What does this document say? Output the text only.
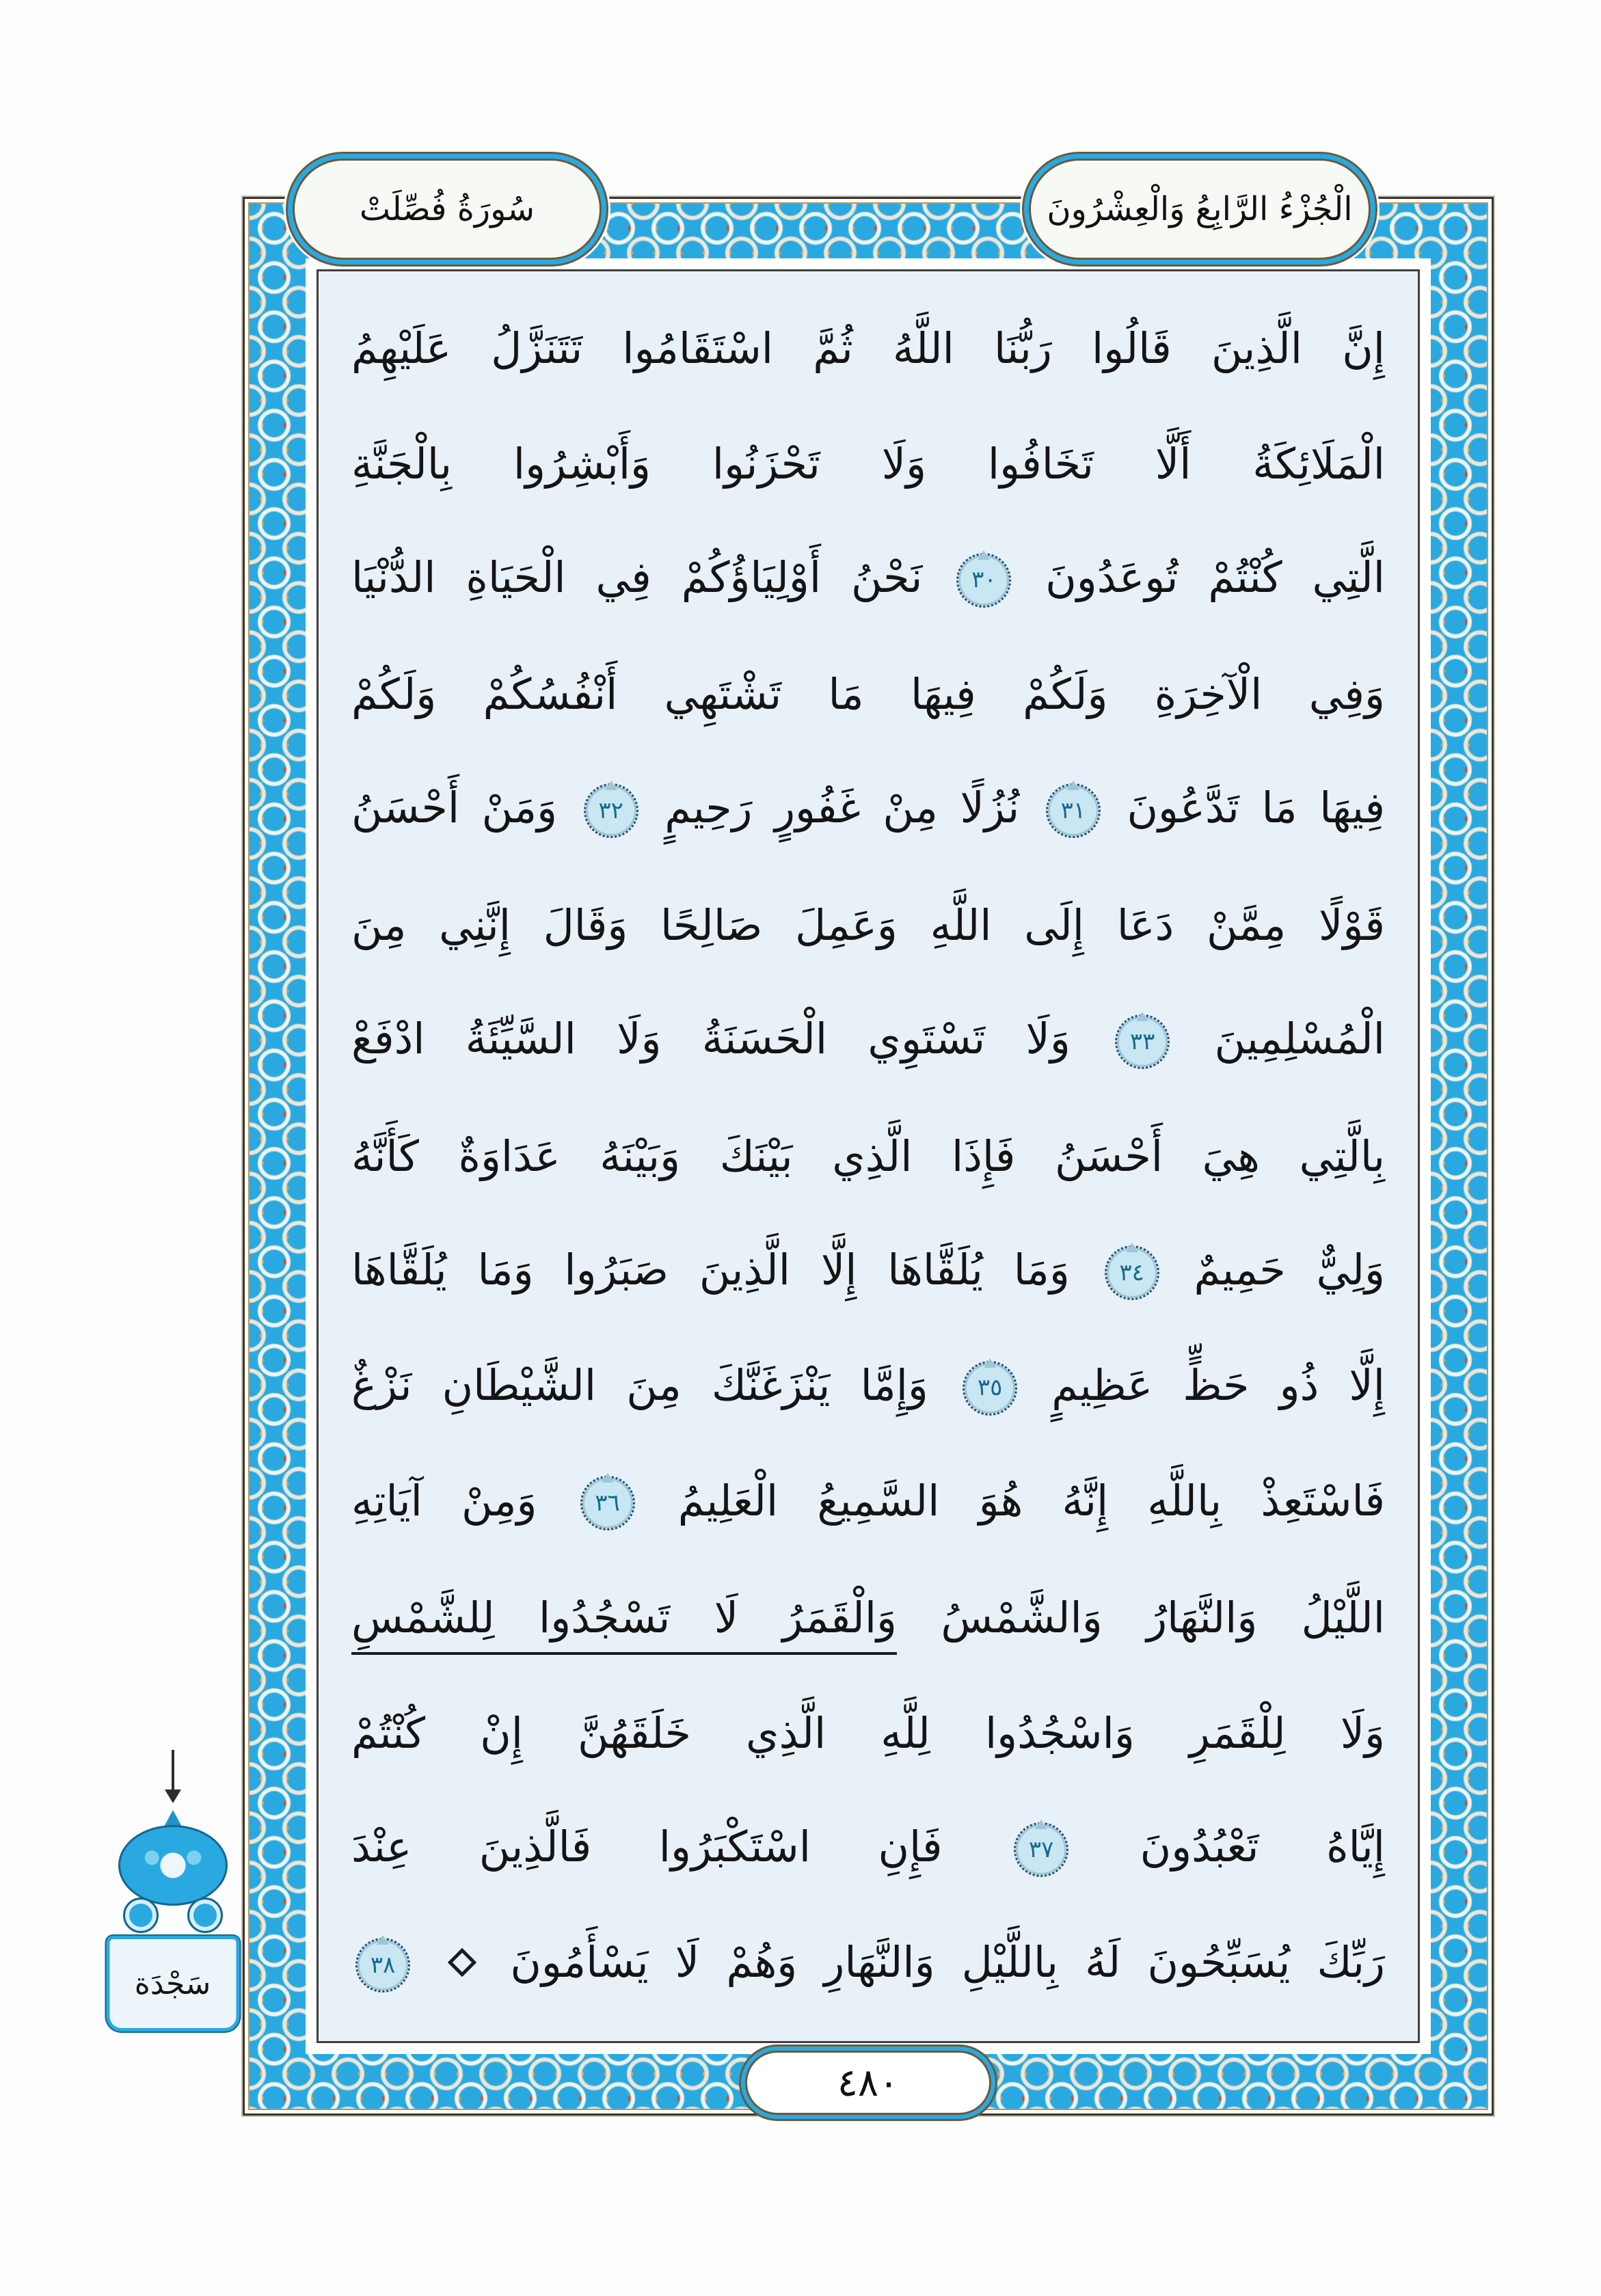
سُورَةُ فُصِّلَتْ	الْجُزْءُ الرَّابِعُ وَالْعِشْرُونَ
إِنَّ الَّذِينَ قَالُوا رَبُّنَا اللَّهُ ثُمَّ اسْتَقَامُوا تَتَنَزَّلُ عَلَيْهِمُ
الْمَلَائِكَةُ أَلَّا تَخَافُوا وَلَا تَحْزَنُوا وَأَبْشِرُوا بِالْجَنَّةِ
الَّتِي كُنْتُمْ تُوعَدُونَ
٣٠
نَحْنُ أَوْلِيَاؤُكُمْ فِي الْحَيَاةِ الدُّنْيَا
وَفِي الْآخِرَةِ وَلَكُمْ فِيهَا مَا تَشْتَهِي أَنْفُسُكُمْ وَلَكُمْ
فِيهَا مَا تَدَّعُونَ
٣١
نُزُلًا مِنْ غَفُورٍ رَحِيمٍ
٣٢
وَمَنْ أَحْسَنُ
قَوْلًا مِمَّنْ دَعَا إِلَى اللَّهِ وَعَمِلَ صَالِحًا وَقَالَ إِنَّنِي مِنَ
الْمُسْلِمِينَ
٣٣
وَلَا تَسْتَوِي الْحَسَنَةُ وَلَا السَّيِّئَةُ ادْفَعْ
بِالَّتِي هِيَ أَحْسَنُ فَإِذَا الَّذِي بَيْنَكَ وَبَيْنَهُ عَدَاوَةٌ كَأَنَّهُ
وَلِيٌّ حَمِيمٌ
٣٤
وَمَا يُلَقَّاهَا إِلَّا الَّذِينَ صَبَرُوا وَمَا يُلَقَّاهَا
إِلَّا ذُو حَظٍّ عَظِيمٍ
٣٥
وَإِمَّا يَنْزَغَنَّكَ مِنَ الشَّيْطَانِ نَزْغٌ
فَاسْتَعِذْ بِاللَّهِ إِنَّهُ هُوَ السَّمِيعُ الْعَلِيمُ
٣٦
وَمِنْ آيَاتِهِ
اللَّيْلُ وَالنَّهَارُ وَالشَّمْسُ وَالْقَمَرُ لَا تَسْجُدُوا لِلشَّمْسِ
وَلَا لِلْقَمَرِ وَاسْجُدُوا لِلَّهِ الَّذِي خَلَقَهُنَّ إِنْ كُنْتُمْ
إِيَّاهُ تَعْبُدُونَ
٣٧
فَإِنِ اسْتَكْبَرُوا فَالَّذِينَ عِنْدَ
رَبِّكَ يُسَبِّحُونَ لَهُ بِاللَّيْلِ وَالنَّهَارِ وَهُمْ لَا يَسْأَمُونَ
٣٨
٤٨٠
سَجْدَة
